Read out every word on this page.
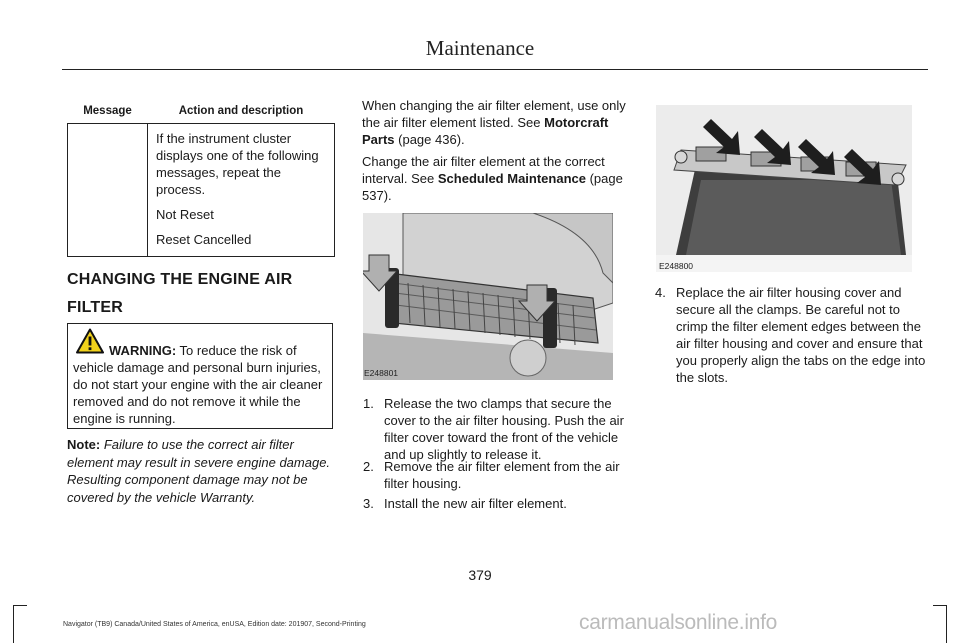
Maintenance
Message	Action and description

	If the instrument cluster displays one of the following messages, repeat the process.

Not Reset

Reset Cancelled

CHANGING THE ENGINE AIR
FILTER
WARNING: To reduce the risk of
vehicle damage and personal burn injuries, do not start your engine with the air cleaner removed and do not remove it while the engine is running.
Note: Failure to use the correct air filter element may result in severe engine damage. Resulting component damage may not be covered by the vehicle Warranty.
When changing the air filter element, use only the air filter element listed. See Motorcraft Parts (page 436).
Change the air filter element at the correct interval. See Scheduled Maintenance (page 537).
E248801
1. Release the two clamps that secure the cover to the air filter housing. Push the air filter cover toward the front of the vehicle and up slightly to release it.
2. Remove the air filter element from the air filter housing.
3. Install the new air filter element.
E248800
4. Replace the air filter housing cover and secure all the clamps. Be careful not to crimp the filter element edges between the air filter housing and cover and ensure that you properly align the tabs on the edge into the slots.
379
Navigator (TB9) Canada/United States of America, enUSA, Edition date: 201907, Second-Printing	carmanualsonline.info
